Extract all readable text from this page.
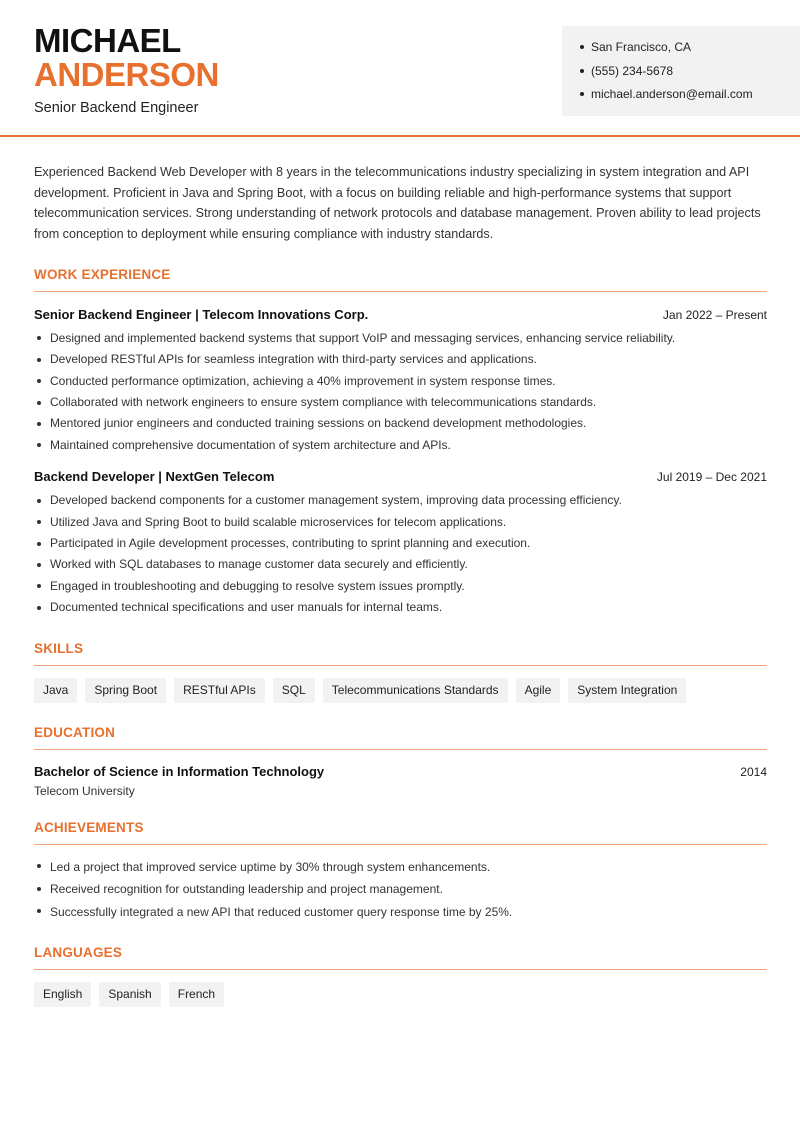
MICHAEL
ANDERSON
Senior Backend Engineer
San Francisco, CA
(555) 234-5678
michael.anderson@email.com

Experienced Backend Web Developer with 8 years in the telecommunications industry specializing in system integration and API development. Proficient in Java and Spring Boot, with a focus on building reliable and high-performance systems that support telecommunication services. Strong understanding of network protocols and database management. Proven ability to lead projects from conception to deployment while ensuring compliance with industry standards.

WORK EXPERIENCE
Senior Backend Engineer | Telecom Innovations Corp.	Jan 2022 – Present
Designed and implemented backend systems that support VoIP and messaging services, enhancing service reliability.
Developed RESTful APIs for seamless integration with third-party services and applications.
Conducted performance optimization, achieving a 40% improvement in system response times.
Collaborated with network engineers to ensure system compliance with telecommunications standards.
Mentored junior engineers and conducted training sessions on backend development methodologies.
Maintained comprehensive documentation of system architecture and APIs.
Backend Developer | NextGen Telecom	Jul 2019 – Dec 2021
Developed backend components for a customer management system, improving data processing efficiency.
Utilized Java and Spring Boot to build scalable microservices for telecom applications.
Participated in Agile development processes, contributing to sprint planning and execution.
Worked with SQL databases to manage customer data securely and efficiently.
Engaged in troubleshooting and debugging to resolve system issues promptly.
Documented technical specifications and user manuals for internal teams.
SKILLS
Java	Spring Boot	RESTful APIs	SQL	Telecommunications Standards	Agile	System Integration
EDUCATION
Bachelor of Science in Information Technology	2014
Telecom University
ACHIEVEMENTS
Led a project that improved service uptime by 30% through system enhancements.
Received recognition for outstanding leadership and project management.
Successfully integrated a new API that reduced customer query response time by 25%.
LANGUAGES
English	Spanish	French
